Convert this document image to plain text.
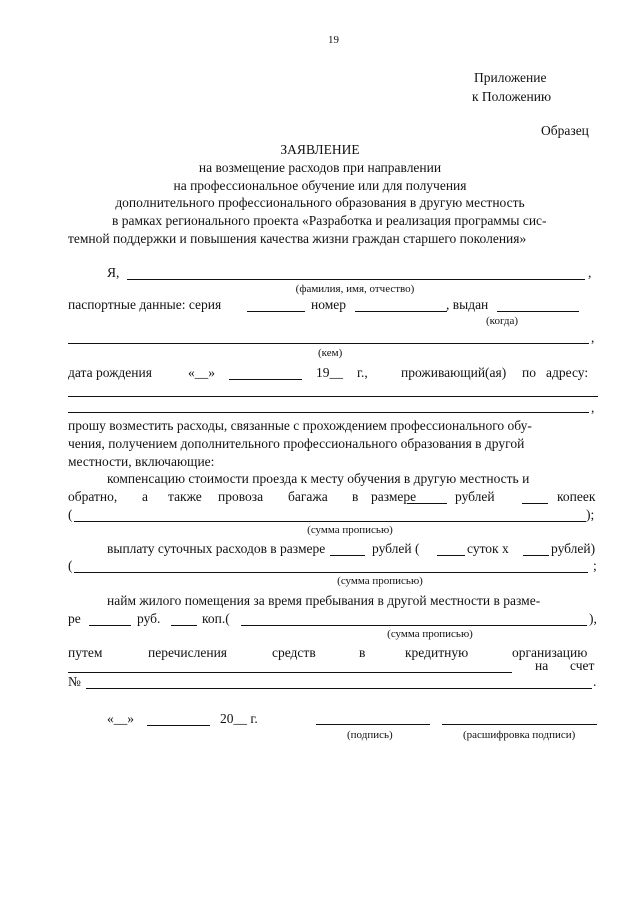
19
Приложение
к Положению
Образец
ЗАЯВЛЕНИЕ
на возмещение расходов при направлении
на профессиональное обучение или для получения
дополнительного профессионального образования в другую местность
в рамках регионального проекта «Разработка и реализация программы сис-
темной поддержки и повышения качества жизни граждан старшего поколения»
Я,	,
(фамилия, имя, отчество)
паспортные данные: серия	номер	, выдан
(когда)
,
(кем)
дата рождения	«__»	19__ г., проживающий(ая) по адресу:
,
прошу возместить расходы, связанные с прохождением профессионального обу-
чения, получением дополнительного профессионального образования в другой
местности, включающие:
компенсацию стоимости проезда к месту обучения в другую местность и
обратно, а также провоза багажа в размере	рублей	копеек
(	);
(сумма прописью)
выплату суточных расходов в размере	рублей (	суток х	рублей)
(	;
(сумма прописью)
найм жилого помещения за время пребывания в другой местности в разме-
ре	руб.	коп.(	),
(сумма прописью)
путем	перечисления	средств	в	кредитную	организацию
на счет
№	.
«__»	20__ г.
(подпись)	(расшифровка подписи)
